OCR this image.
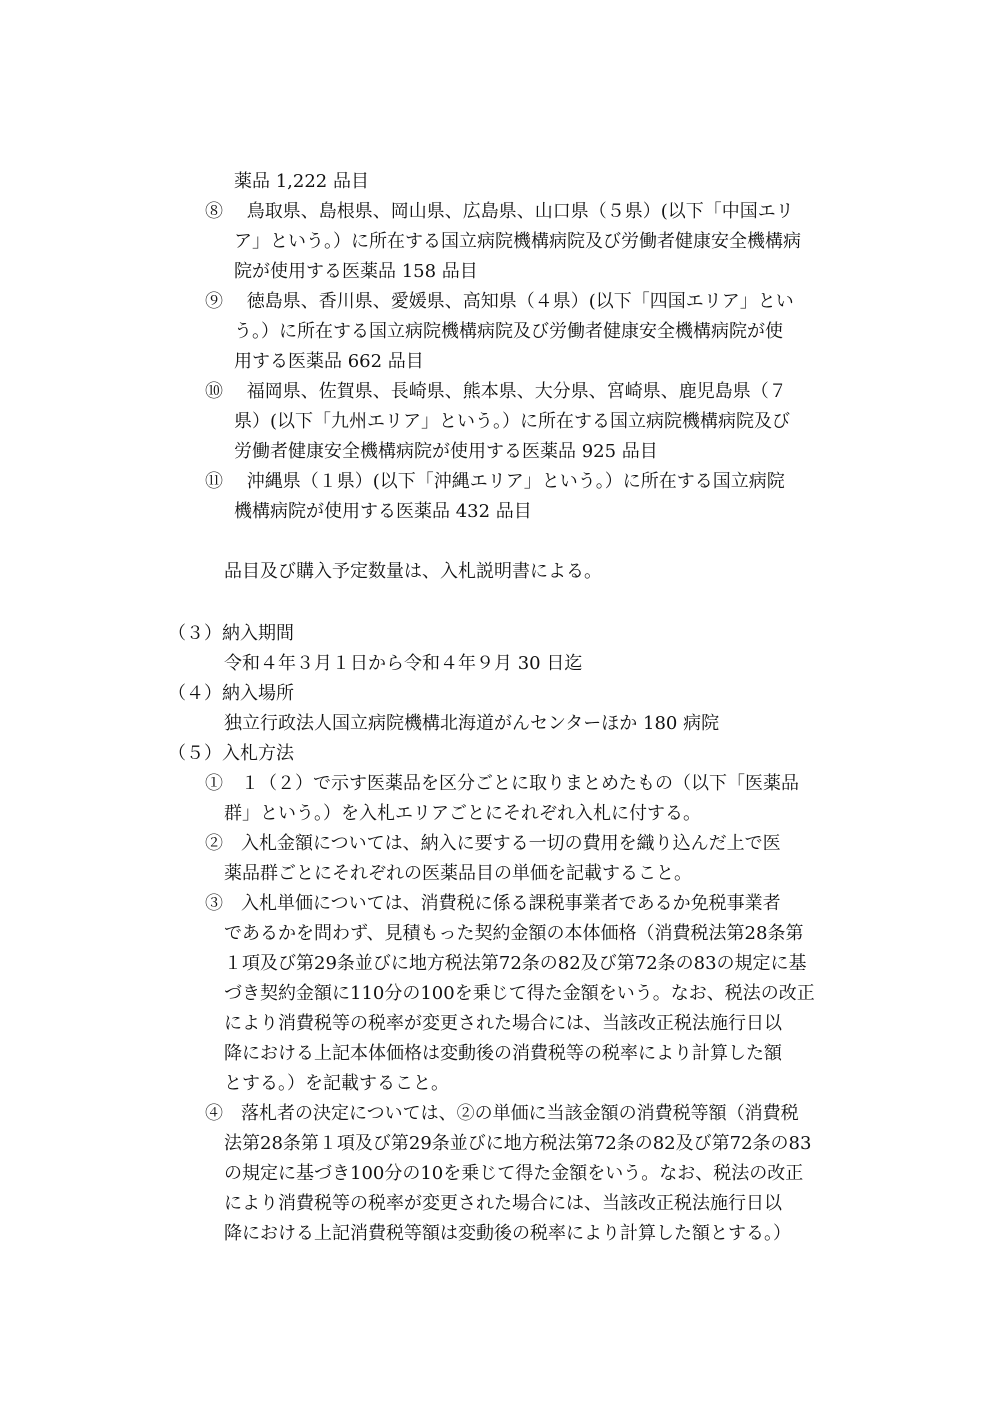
薬品 1,222 品目
⑧　 鳥取県、島根県、岡山県、広島県、山口県（５県）(以下「中国エリ
ア」という。）に所在する国立病院機構病院及び労働者健康安全機構病
院が使用する医薬品 158 品目
⑨　 徳島県、香川県、愛媛県、高知県（４県）(以下「四国エリア」とい
う。）に所在する国立病院機構病院及び労働者健康安全機構病院が使
用する医薬品 662 品目
⑩　 福岡県、佐賀県、長崎県、熊本県、大分県、宮崎県、鹿児島県（７
県）(以下「九州エリア」という。）に所在する国立病院機構病院及び
労働者健康安全機構病院が使用する医薬品 925 品目
⑪　 沖縄県（１県）(以下「沖縄エリア」という。）に所在する国立病院
機構病院が使用する医薬品 432 品目
品目及び購入予定数量は、入札説明書による。
（３）納入期間
令和４年３月１日から令和４年９月 30 日迄
（４）納入場所
独立行政法人国立病院機構北海道がんセンターほか 180 病院
（５）入札方法
①　１（２）で示す医薬品を区分ごとに取りまとめたもの（以下「医薬品
群」という。）を入札エリアごとにそれぞれ入札に付する。
②　入札金額については、納入に要する一切の費用を織り込んだ上で医
薬品群ごとにそれぞれの医薬品目の単価を記載すること。
③　入札単価については、消費税に係る課税事業者であるか免税事業者
であるかを問わず、見積もった契約金額の本体価格（消費税法第28条第
１項及び第29条並びに地方税法第72条の82及び第72条の83の規定に基
づき契約金額に110分の100を乗じて得た金額をいう。なお、税法の改正
により消費税等の税率が変更された場合には、当該改正税法施行日以
降における上記本体価格は変動後の消費税等の税率により計算した額
とする。）を記載すること。
④　落札者の決定については、②の単価に当該金額の消費税等額（消費税
法第28条第１項及び第29条並びに地方税法第72条の82及び第72条の83
の規定に基づき100分の10を乗じて得た金額をいう。なお、税法の改正
により消費税等の税率が変更された場合には、当該改正税法施行日以
降における上記消費税等額は変動後の税率により計算した額とする。）
